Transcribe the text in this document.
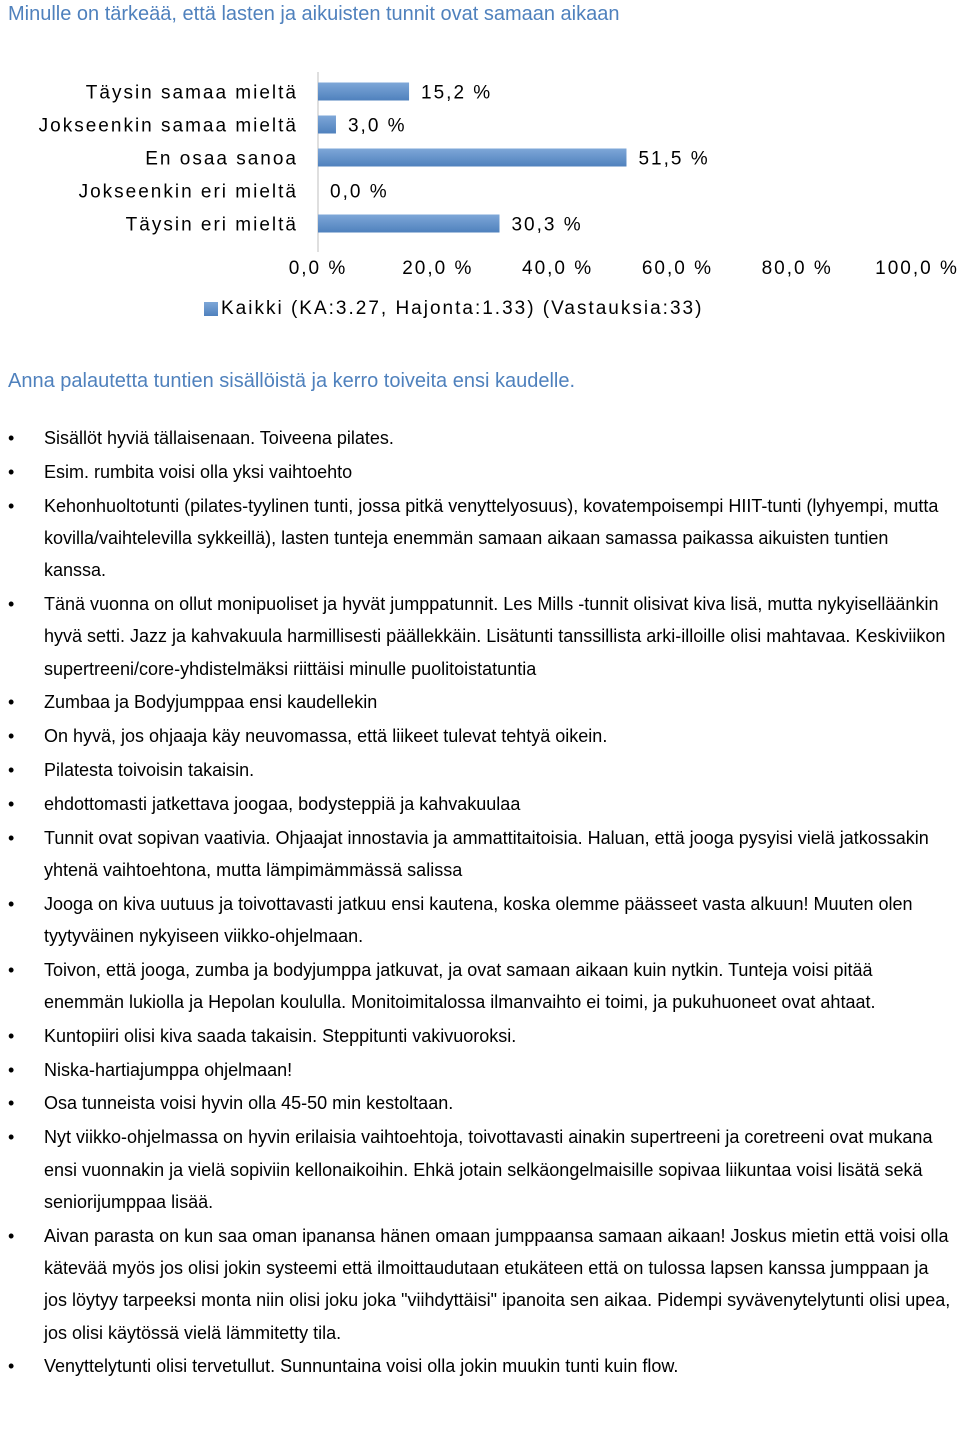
Minulle on tärkeää, että lasten ja aikuisten tunnit ovat samaan aikaan
Täysin samaa mieltä	15,2 %
Jokseenkin samaa mieltä	3,0 %
En osaa sanoa	51,5 %
Jokseenkin eri mieltä 0,0 %
Täysin eri mieltä	30,3 %
0,0 %	20,0 %	40,0 %	60,0 %	80,0 % 100,0 %
Kaikki (KA:3.27, Hajonta:1.33) (Vastauksia:33)
Anna palautetta tuntien sisällöistä ja kerro toiveita ensi kaudelle.
• Sisällöt hyviä tällaisenaan. Toiveena pilates.
• Esim. rumbita voisi olla yksi vaihtoehto
• Kehonhuoltotunti (pilates-tyylinen tunti, jossa pitkä venyttelyosuus), kovatempoisempi HIIT-tunti (lyhyempi, mutta kovilla/vaihtelevilla sykkeillä), lasten tunteja enemmän samaan aikaan samassa paikassa aikuisten tuntien kanssa.
• Tänä vuonna on ollut monipuoliset ja hyvät jumppatunnit. Les Mills -tunnit olisivat kiva lisä, mutta nykyiselläänkin hyvä setti. Jazz ja kahvakuula harmillisesti päällekkäin. Lisätunti tanssillista arki-illoille olisi mahtavaa. Keskiviikon supertreeni/core-yhdistelmäksi riittäisi minulle puolitoistatuntia
• Zumbaa ja Bodyjumppaa ensi kaudellekin
• On hyvä, jos ohjaaja käy neuvomassa, että liikeet tulevat tehtyä oikein.
• Pilatesta toivoisin takaisin.
• ehdottomasti jatkettava joogaa, bodysteppiä ja kahvakuulaa
• Tunnit ovat sopivan vaativia. Ohjaajat innostavia ja ammattitaitoisia. Haluan, että jooga pysyisi vielä jatkossakin yhtenä vaihtoehtona, mutta lämpimämmässä salissa
• Jooga on kiva uutuus ja toivottavasti jatkuu ensi kautena, koska olemme päässeet vasta alkuun! Muuten olen tyytyväinen nykyiseen viikko-ohjelmaan.
• Toivon, että jooga, zumba ja bodyjumppa jatkuvat, ja ovat samaan aikaan kuin nytkin. Tunteja voisi pitää enemmän lukiolla ja Hepolan koululla. Monitoimitalossa ilmanvaihto ei toimi, ja pukuhuoneet ovat ahtaat.
• Kuntopiiri olisi kiva saada takaisin. Steppitunti vakivuoroksi.
• Niska-hartiajumppa ohjelmaan!
• Osa tunneista voisi hyvin olla 45-50 min kestoltaan.
• Nyt viikko-ohjelmassa on hyvin erilaisia vaihtoehtoja, toivottavasti ainakin supertreeni ja coretreeni ovat mukana ensi vuonnakin ja vielä sopiviin kellonaikoihin. Ehkä jotain selkäongelmaisille sopivaa liikuntaa voisi lisätä sekä seniorijumppaa lisää.
• Aivan parasta on kun saa oman ipanansa hänen omaan jumppaansa samaan aikaan! Joskus mietin että voisi olla kätevää myös jos olisi jokin systeemi että ilmoittaudutaan etukäteen että on tulossa lapsen kanssa jumppaan ja jos löytyy tarpeeksi monta niin olisi joku joka "viihdyttäisi" ipanoita sen aikaa. Pidempi syvävenytelytunti olisi upea, jos olisi käytössä vielä lämmitetty tila.
• Venyttelytunti olisi tervetullut. Sunnuntaina voisi olla jokin muukin tunti kuin flow.
